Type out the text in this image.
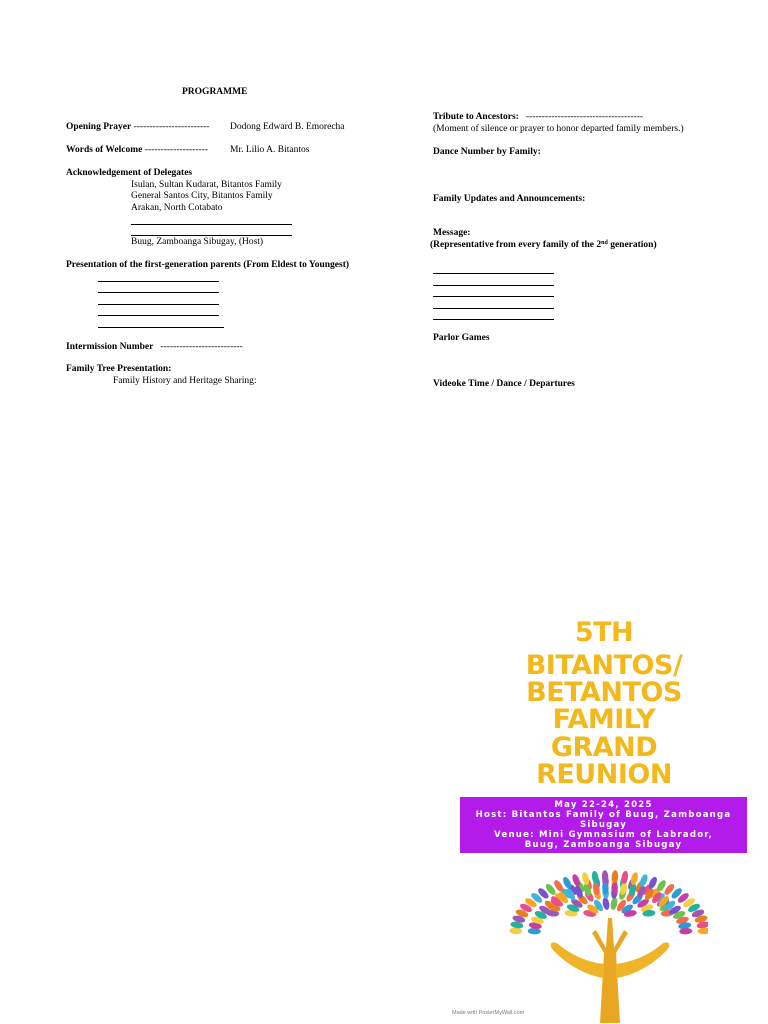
PROGRAMME
Opening Prayer ------------------------ Dodong Edward B. Emorecha
Words of Welcome -------------------- Mr. Lilio A. Bitantos
Acknowledgement of Delegates
Isulan, Sultan Kudarat, Bitantos Family
General Santos City, Bitantos Family
Arakan, North Cotabato
Buug, Zamboanga Sibugay, (Host)
Presentation of the first-generation parents (From Eldest to Youngest)
Intermission Number --------------------------
Family Tree Presentation:
Family History and Heritage Sharing:
Tribute to Ancestors: -------------------------------------
(Moment of silence or prayer to honor departed family members.)
Dance Number by Family:
Family Updates and Announcements:
Message:
(Representative from every family of the 2nd generation)
Parlor Games
Videoke Time / Dance / Departures
5TH
BITANTOS/
BETANTOS
FAMILY
GRAND
REUNION
May 22-24, 2025
Host: Bitantos Family of Buug, Zamboanga
Sibugay
Venue: Mini Gymnasium of Labrador,
Buug, Zamboanga Sibugay
Made with PosterMyWall.com
